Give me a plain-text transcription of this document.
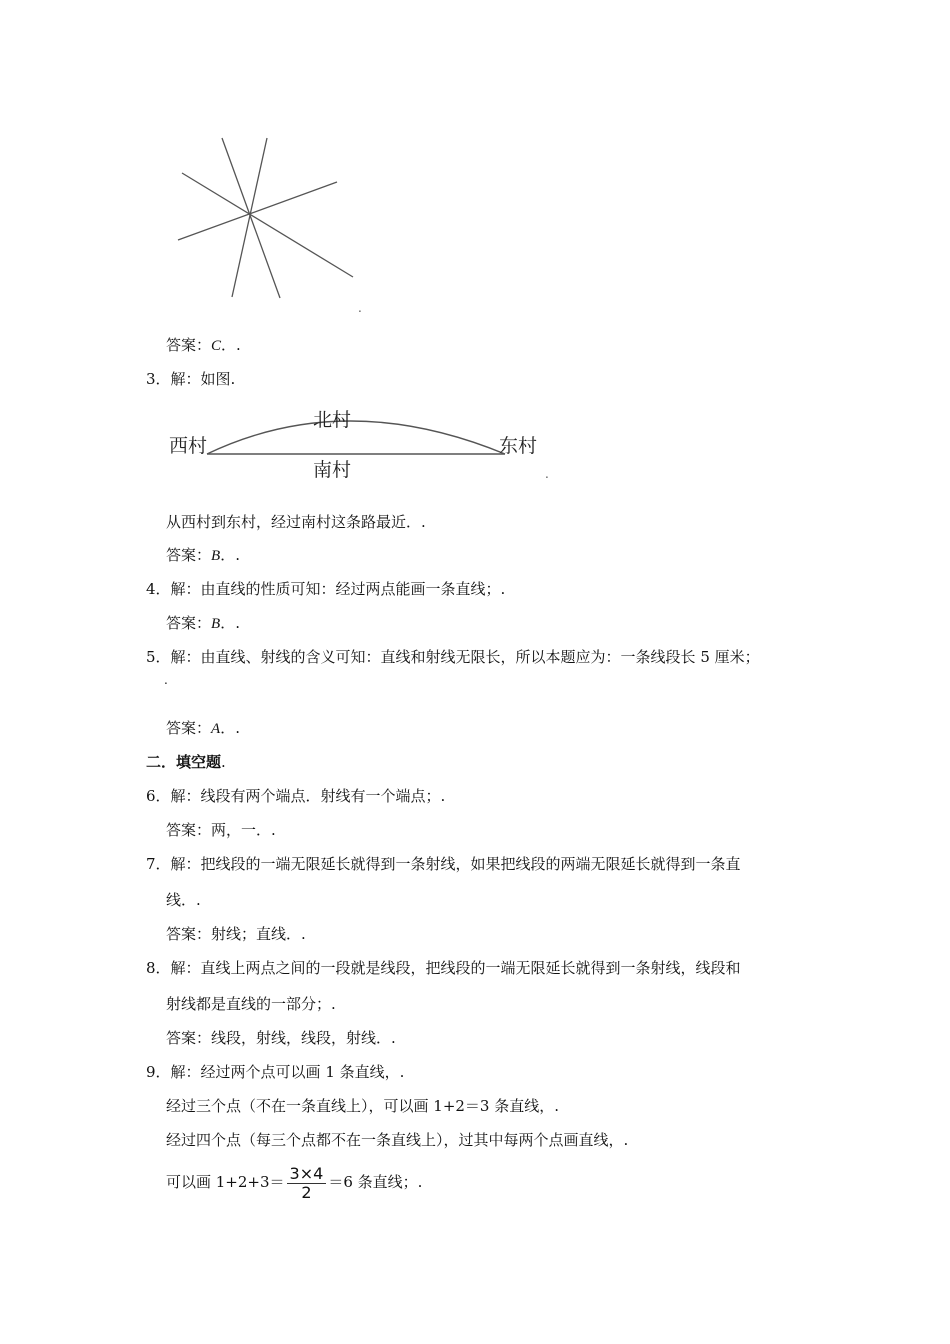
.
答案：C．.
3．解：如图.
西村
北村
东村
南村	.
从西村到东村，经过南村这条路最近．.
答案：B．.
4．解：由直线的性质可知：经过两点能画一条直线；.
答案：B．.
5．解：由直线、射线的含义可知：直线和射线无限长，所以本题应为：一条线段长 5 厘米；
.
答案：A．.
二．填空题.
6．解：线段有两个端点．射线有一个端点；.
答案：两，一．.
7．解：把线段的一端无限延长就得到一条射线，如果把线段的两端无限延长就得到一条直
线．.
答案：射线；直线．.
8．解：直线上两点之间的一段就是线段，把线段的一端无限延长就得到一条射线，线段和
射线都是直线的一部分；.
答案：线段，射线，线段，射线．.
9．解：经过两个点可以画 1 条直线，.
经过三个点（不在一条直线上），可以画 1+2＝3 条直线，.
经过四个点（每三个点都不在一条直线上），过其中每两个点画直线，.
可以画 $1+2+3= \frac{3\times 4}{2} =6$ 条直线；.
